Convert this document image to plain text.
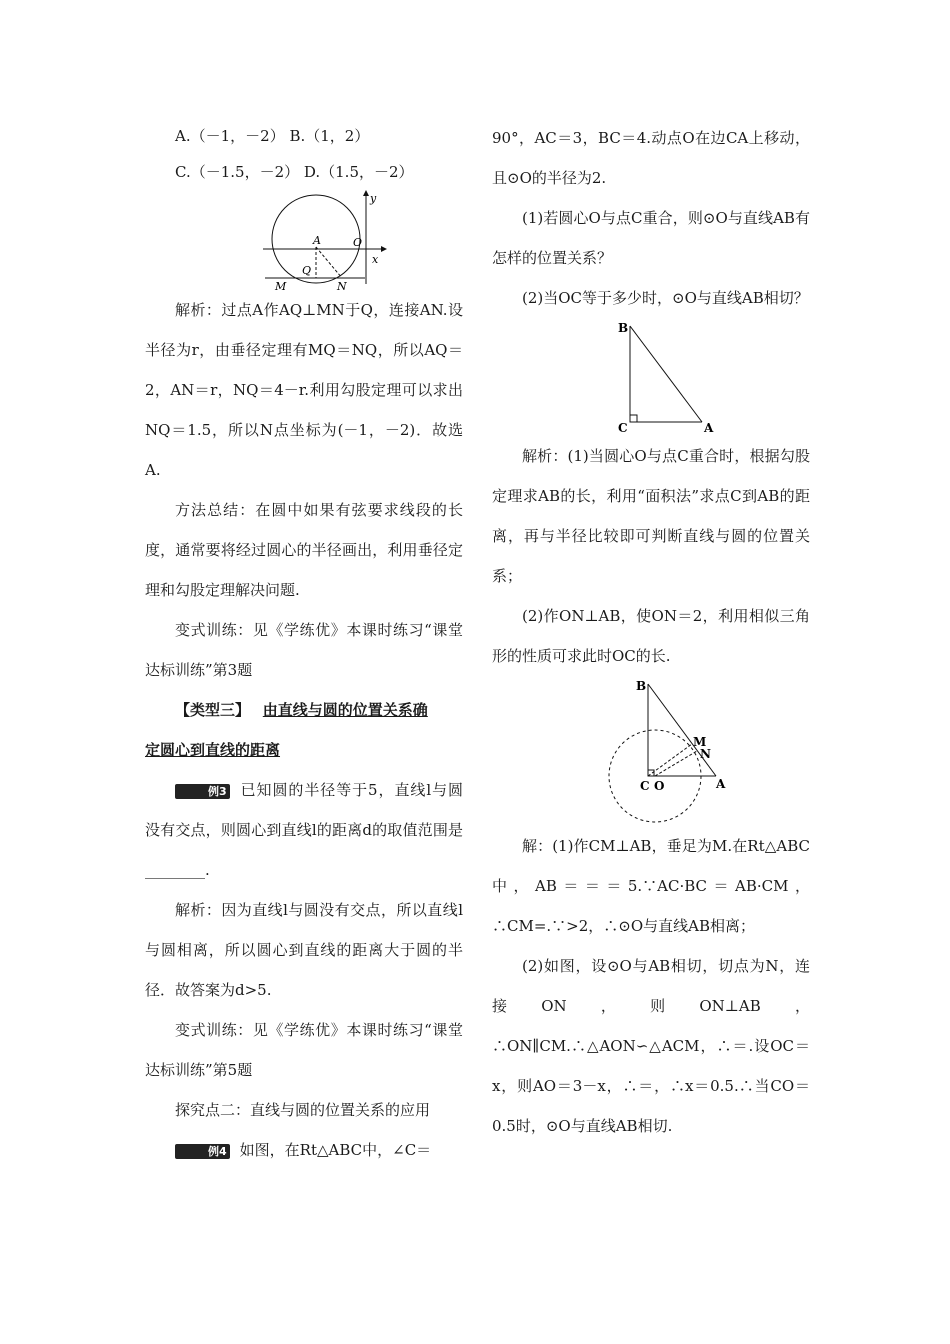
A.（－1，－2） B.（1，2）

C.（－1.5，－2） D.（1.5，－2）

A	O
Q
M	N
x
y

解析：过点A作AQ⊥MN于Q，连接AN.设半径为r，由垂径定理有MQ＝NQ，所以AQ＝2，AN＝r，NQ＝4－r.利用勾股定理可以求出NQ＝1.5，所以N点坐标为(－1，－2)．故选A.

方法总结：在圆中如果有弦要求线段的长度，通常要将经过圆心的半径画出，利用垂径定理和勾股定理解决问题.

变式训练：见《学练优》本课时练习“课堂达标训练”第3题

【类型三】 由直线与圆的位置关系确

定圆心到直线的距离

例3 已知圆的半径等于5，直线l与圆没有交点，则圆心到直线l的距离d的取值范围是________.

解析：因为直线l与圆没有交点，所以直线l与圆相离，所以圆心到直线的距离大于圆的半径．故答案为d>5.

变式训练：见《学练优》本课时练习“课堂达标训练”第5题

探究点二：直线与圆的位置关系的应用

例4 如图，在Rt△ABC中，∠C＝

90°，AC＝3，BC＝4.动点O在边CA上移动，且⊙O的半径为2.

(1)若圆心O与点C重合，则⊙O与直线AB有怎样的位置关系？

(2)当OC等于多少时，⊙O与直线AB相切？

B
C	A

解析：(1)当圆心O与点C重合时，根据勾股定理求AB的长，利用“面积法”求点C到AB的距离，再与半径比较即可判断直线与圆的位置关系；

(2)作ON⊥AB，使ON＝2，利用相似三角形的性质可求此时OC的长.

B
M
N
C O	A

解：(1)作CM⊥AB，垂足为M.在Rt△ABC中，AB＝＝＝5.∵AC·BC＝AB·CM，∴CM=.∵>2，∴⊙O与直线AB相离；

(2)如图，设⊙O与AB相切，切点为N，连接ON，则ON⊥AB，∴ON∥CM.∴△AON∽△ACM，∴＝.设OC＝x，则AO＝3－x，∴＝，∴x＝0.5.∴当CO＝0.5时，⊙O与直线AB相切.
